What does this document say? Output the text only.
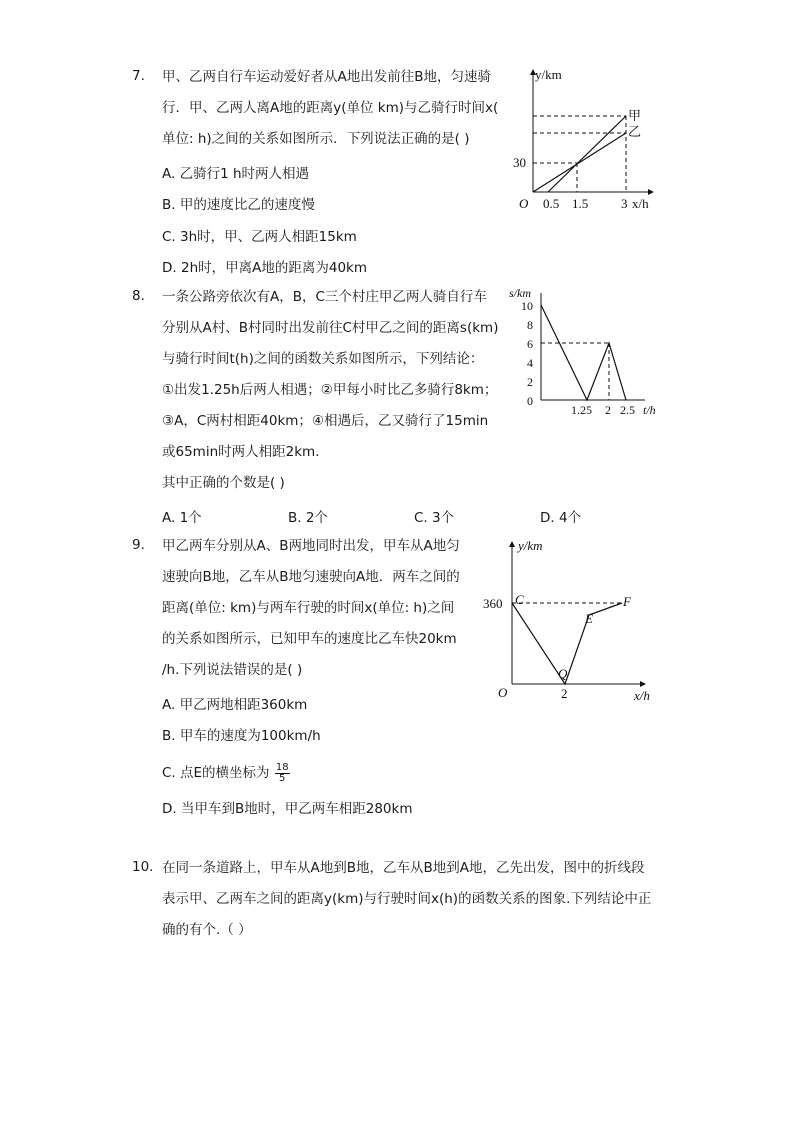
7. 甲、乙两自行车运动爱好者从A地出发前往B地，匀速骑
行．甲、乙两人离A地的距离y(单位 km)与乙骑行时间x(
单位: h)之间的关系如图所示．下列说法正确的是( )
A. 乙骑行1 h时两人相遇
B. 甲的速度比乙的速度慢
C. 3h时，甲、乙两人相距15km
D. 2h时，甲离A地的距离为40km
y/km
x/h
O 0.5 1.5	3
30
甲
乙
8. 一条公路旁依次有A，B，C三个村庄甲乙两人骑自行车
分别从A村、B村同时出发前往C村甲乙之间的距离s(km)
与骑行时间t(h)之间的函数关系如图所示，下列结论：
①出发1.25h后两人相遇；②甲每小时比乙多骑行8km；
③A，C两村相距40km；④相遇后，乙又骑行了15min
或65min时两人相距2km．
其中正确的个数是( )
A. 1个	B. 2个	C. 3个	D. 4个
s/km
t/h
10
8
6
4
2
0
1.25 2 2.5
9. 甲乙两车分别从A、B两地同时出发，甲车从A地匀
速驶向B地，乙车从B地匀速驶向A地．两车之间的
距离(单位: km)与两车行驶的时间x(单位: h)之间
的关系如图所示，已知甲车的速度比乙车快20km
/h.下列说法错误的是( )
A. 甲乙两地相距360km
B. 甲车的速度为100km/h
C. 点E的横坐标为 $\frac{18}{5}$
D. 当甲车到B地时，甲乙两车相距280km
y/km
x/h
O
360
2
C
Q
E
F
10. 在同一条道路上，甲车从A地到B地，乙车从B地到A地，乙先出发，图中的折线段
表示甲、乙两车之间的距离y(km)与行驶时间x(h)的函数关系的图象.下列结论中正
确的有个.（ ）
